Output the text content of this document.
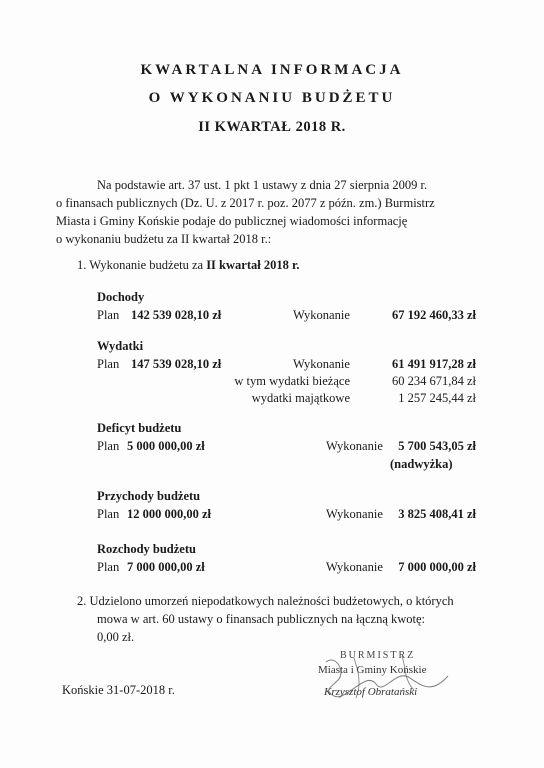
KWARTALNA INFORMACJA
O WYKONANIU BUDŻETU
II KWARTAŁ 2018 R.
Na podstawie art. 37 ust. 1 pkt 1 ustawy z dnia 27 sierpnia 2009 r.
o finansach publicznych (Dz. U. z 2017 r. poz. 2077 z późn. zm.) Burmistrz
Miasta i Gminy Końskie podaje do publicznej wiadomości informację
o wykonaniu budżetu za II kwartał 2018 r.:
1. Wykonanie budżetu za II kwartał 2018 r.
Dochody
Plan 142 539 028,10 zł	Wykonanie	67 192 460,33 zł
Wydatki
Plan 147 539 028,10 zł	Wykonanie	61 491 917,28 zł
w tym wydatki bieżące	60 234 671,84 zł
wydatki majątkowe	1 257 245,44 zł
Deficyt budżetu
Plan 5 000 000,00 zł	Wykonanie	5 700 543,05 zł
(nadwyżka)
Przychody budżetu
Plan 12 000 000,00 zł	Wykonanie	3 825 408,41 zł
Rozchody budżetu
Plan 7 000 000,00 zł	Wykonanie	7 000 000,00 zł
2. Udzielono umorzeń niepodatkowych należności budżetowych, o których
mowa w art. 60 ustawy o finansach publicznych na łączną kwotę:
0,00 zł.
Końskie 31-07-2018 r.
BURMISTRZ
Miasta i Gminy Końskie
Krzysztof Obratański
